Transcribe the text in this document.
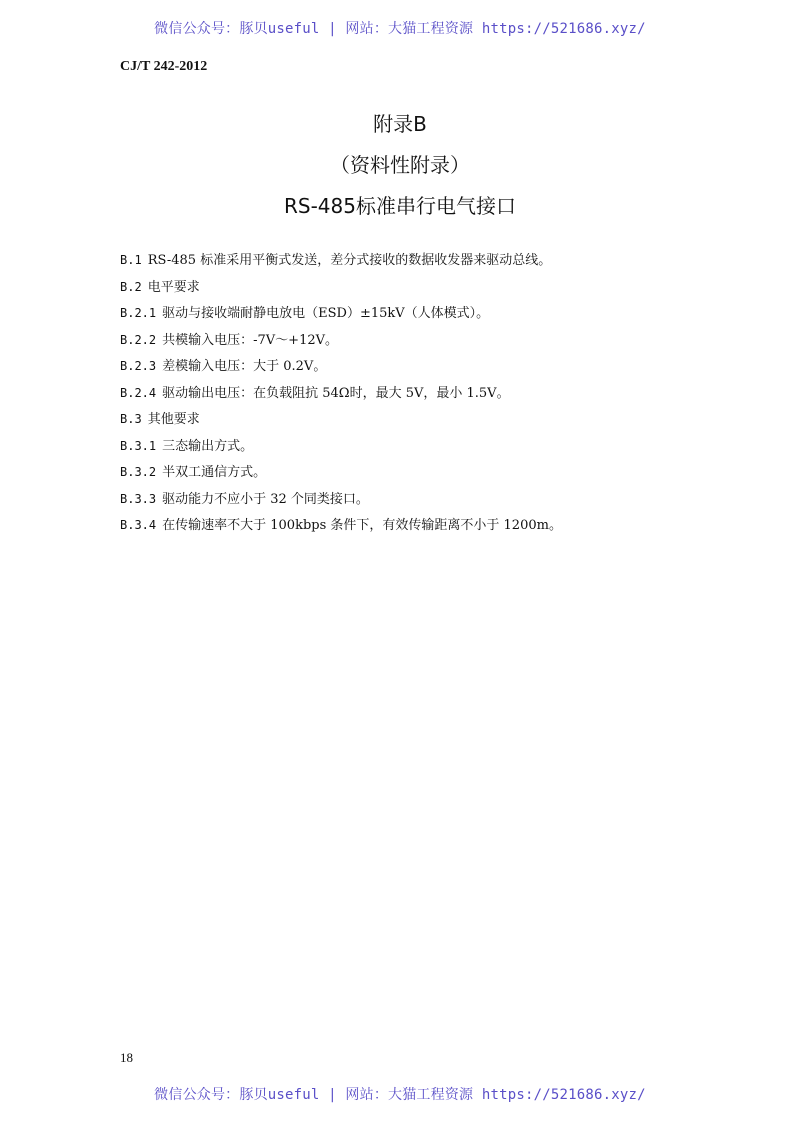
微信公众号：豚贝useful | 网站：大猫工程资源 https://521686.xyz/
CJ/T 242-2012
附录B
（资料性附录）
RS-485标准串行电气接口
B.1 RS-485 标准采用平衡式发送，差分式接收的数据收发器来驱动总线。
B.2 电平要求
B.2.1 驱动与接收端耐静电放电（ESD）±15kV（人体模式）。
B.2.2 共模输入电压：-7V～+12V。
B.2.3 差模输入电压：大于 0.2V。
B.2.4 驱动输出电压：在负载阻抗 54Ω时，最大 5V，最小 1.5V。
B.3 其他要求
B.3.1 三态输出方式。
B.3.2 半双工通信方式。
B.3.3 驱动能力不应小于 32 个同类接口。
B.3.4 在传输速率不大于 100kbps 条件下，有效传输距离不小于 1200m。
18
微信公众号：豚贝useful | 网站：大猫工程资源 https://521686.xyz/
